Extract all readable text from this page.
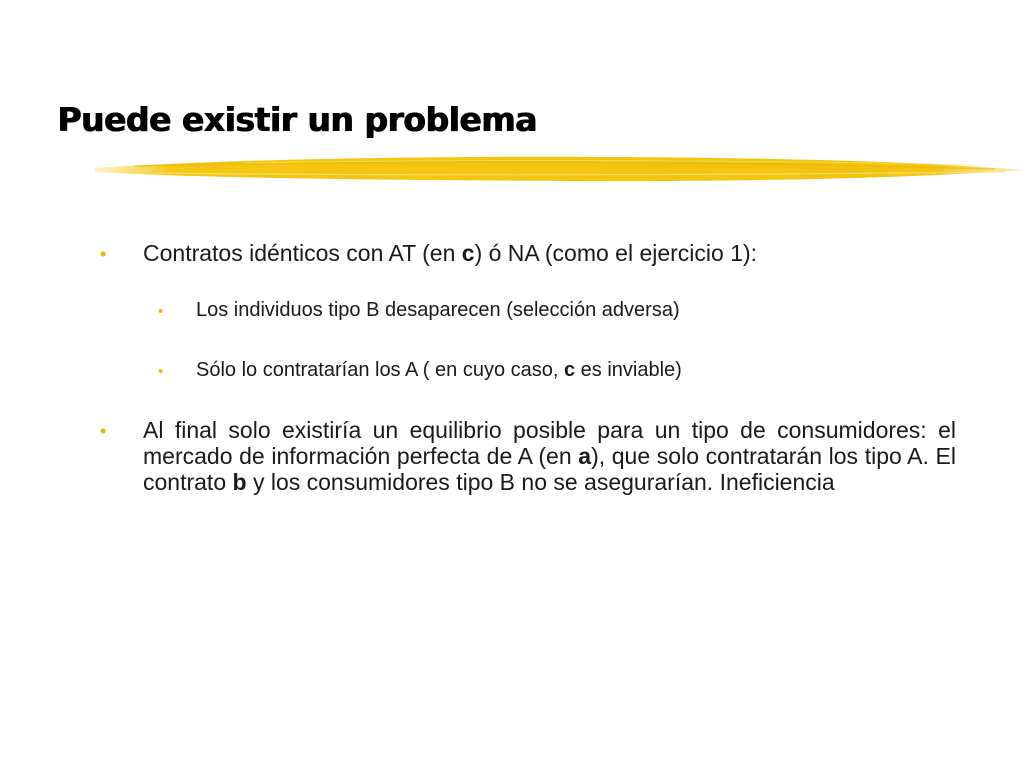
Puede existir un problema
•	Contratos idénticos con AT (en c) ó NA (como el ejercicio 1):
•	Los individuos tipo B desaparecen (selección adversa)
•	Sólo lo contratarían los A ( en cuyo caso, c es inviable)
•	Al final solo existiría un equilibrio posible para un tipo de consumidores: el mercado de información perfecta de A (en a), que solo contratarán los tipo A. El contrato b y los consumidores tipo B no se asegurarían. Ineficiencia
